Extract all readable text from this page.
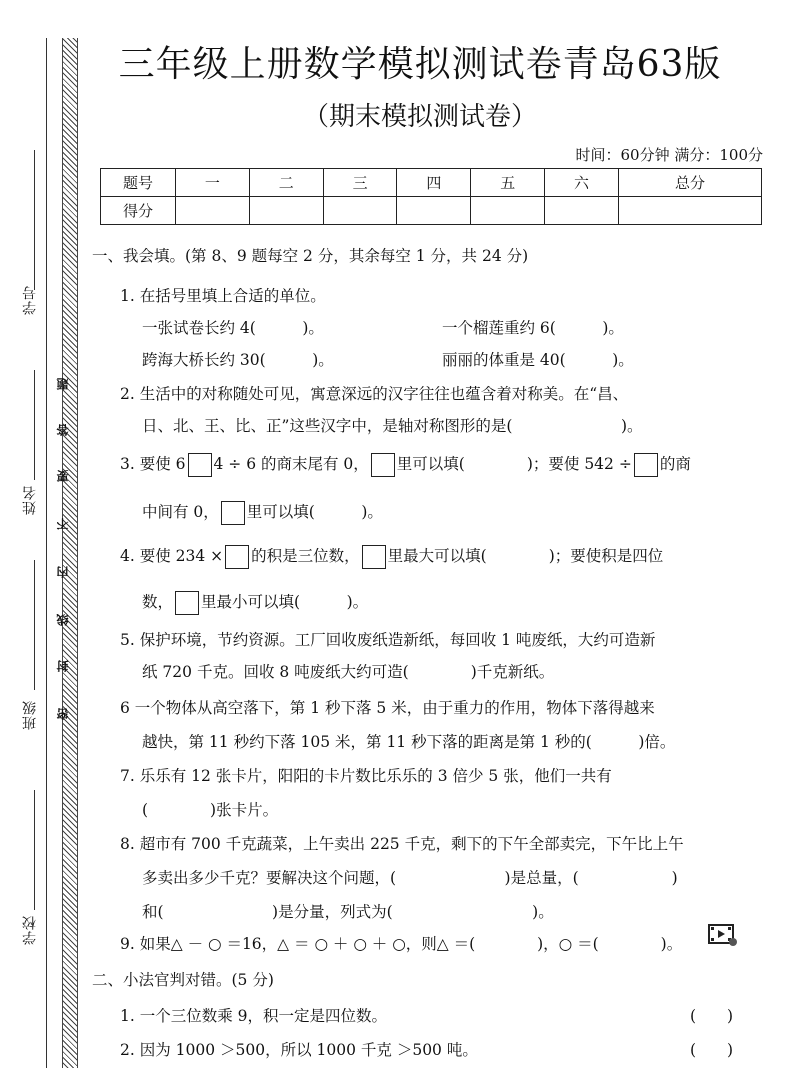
学号
姓名
班级
学校
题
答
要
不
内
线
封
密
三年级上册数学模拟测试卷青岛63版
（期末模拟测试卷）
时间：60分钟 满分：100分
题号	一	二	三	四	五	六	总分
得分							
一、我会填。(第 8、9 题每空 2 分，其余每空 1 分，共 24 分)
1. 在括号里填上合适的单位。
一张试卷长约 4(　　　)。	一个榴莲重约 6(　　　)。
跨海大桥长约 30(　　　)。	丽丽的体重是 40(　　　)。
2. 生活中的对称随处可见，寓意深远的汉字往往也蕴含着对称美。在“昌、
日、北、王、比、正”这些汉字中，是轴对称图形的是(　　　　　　　)。
3. 要使 6 4 ÷ 6 的商末尾有 0， 里可以填(　　　　)；要使 542 ÷ 的商
中间有 0， 里可以填(　　　)。
4. 要使 234 × 的积是三位数， 里最大可以填(　　　　)；要使积是四位
数， 里最小可以填(　　　)。
5. 保护环境，节约资源。工厂回收废纸造新纸，每回收 1 吨废纸，大约可造新
纸 720 千克。回收 8 吨废纸大约可造(　　　　)千克新纸。
6 一个物体从高空落下，第 1 秒下落 5 米，由于重力的作用，物体下落得越来
越快，第 11 秒约下落 105 米，第 11 秒下落的距离是第 1 秒的(　　　)倍。
7. 乐乐有 12 张卡片，阳阳的卡片数比乐乐的 3 倍少 5 张，他们一共有
(　　　　)张卡片。
8. 超市有 700 千克蔬菜，上午卖出 225 千克，剩下的下午全部卖完，下午比上午
多卖出多少千克？要解决这个问题，(　　　　　　　)是总量，(　　　　　　)
和(　　　　　　　)是分量，列式为(　　　　　　　　　)。
9. 如果△ － ○ ＝16，△ ＝ ○ ＋ ○ ＋ ○，则△ ＝(　　　　)，○ ＝(　　　　)。
二、小法官判对错。(5 分)
1. 一个三位数乘 9，积一定是四位数。	(　　)
2. 因为 1000 ＞500，所以 1000 千克 ＞500 吨。	(　　)
